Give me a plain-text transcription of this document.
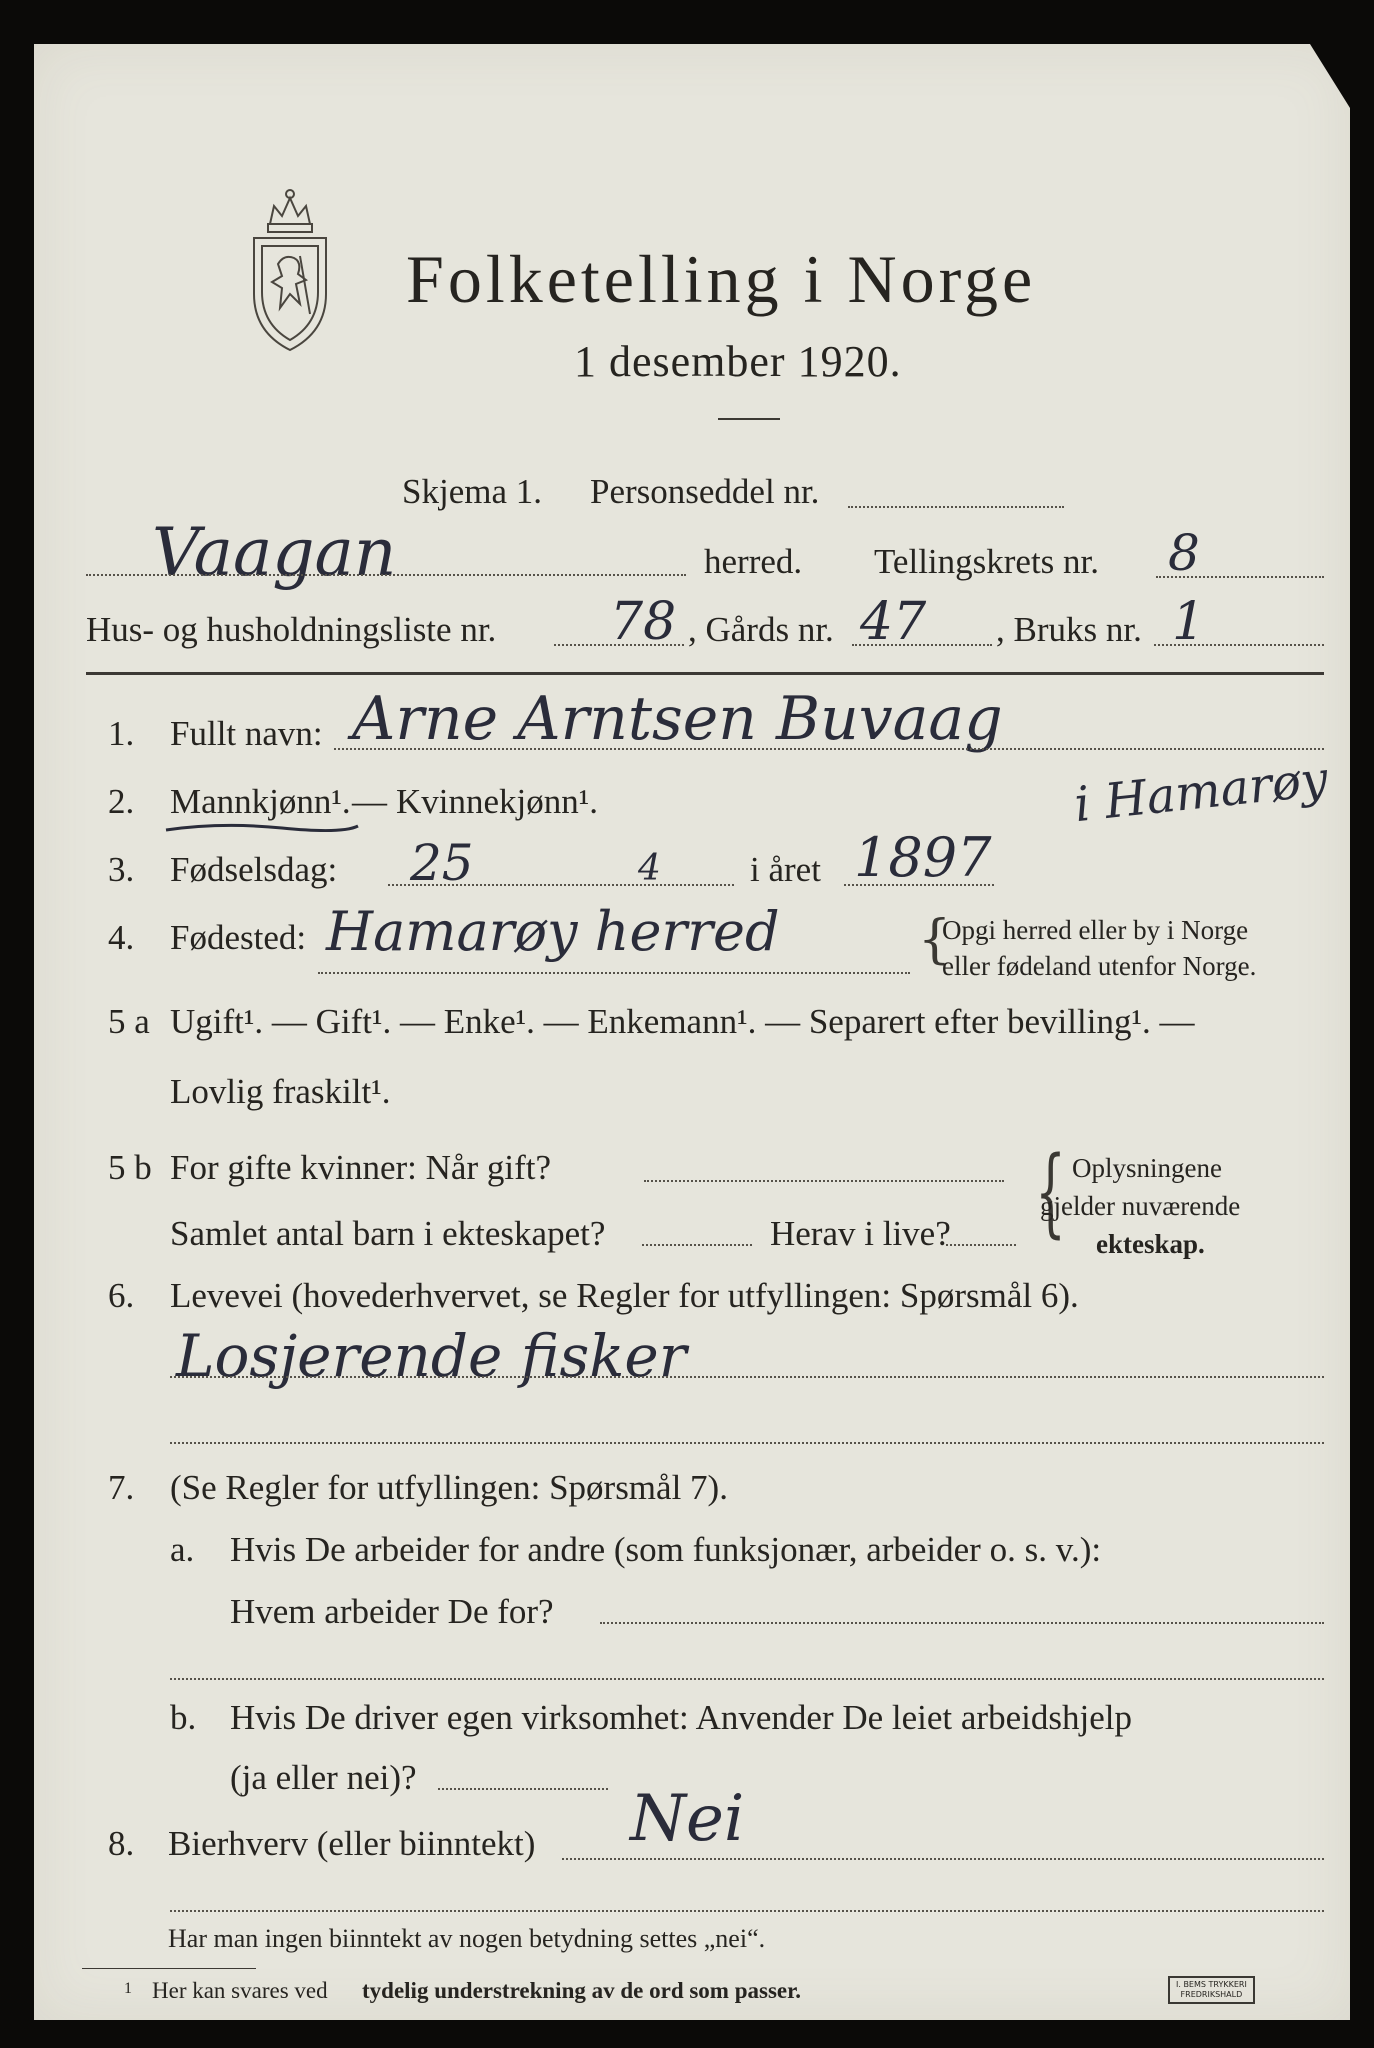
Folketelling i Norge
1 desember 1920.
Skjema 1. Personseddel nr.
Vaagan	herred. Tellingskrets nr. 8
Hus- og husholdningsliste nr. 78 , Gårds nr. 47 , Bruks nr. 1
1. Fullt navn: Arne Arntsen Buvaag
2. Mannkjønn¹. — Kvinnekjønn¹.	i Hamarøy
3. Fødselsdag: 25	4	i året 1897
4. Fødested: Hamarøy herred	{
Opgi herred eller by i Norge
eller fødeland utenfor Norge.
5 a Ugift¹. — Gift¹. — Enke¹. — Enkemann¹. — Separert efter bevilling¹. —
Lovlig fraskilt¹.
5 b For gifte kvinner: Når gift?
Samlet antal barn i ekteskapet?	Herav i live? { Oplysningene
gjelder nuværende
ekteskap.
6. Levevei (hovederhvervet, se Regler for utfyllingen: Spørsmål 6).
Losjerende fisker
7. (Se Regler for utfyllingen: Spørsmål 7).
a. Hvis De arbeider for andre (som funksjonær, arbeider o. s. v.):
Hvem arbeider De for?
b. Hvis De driver egen virksomhet: Anvender De leiet arbeidshjelp
(ja eller nei)?
8. Bierhverv (eller biinntekt) Nei
Har man ingen biinntekt av nogen betydning settes „nei“.
1 Her kan svares ved tydelig understrekning av de ord som passer.	I. BEMS TRYKKERI
FREDRIKSHALD
